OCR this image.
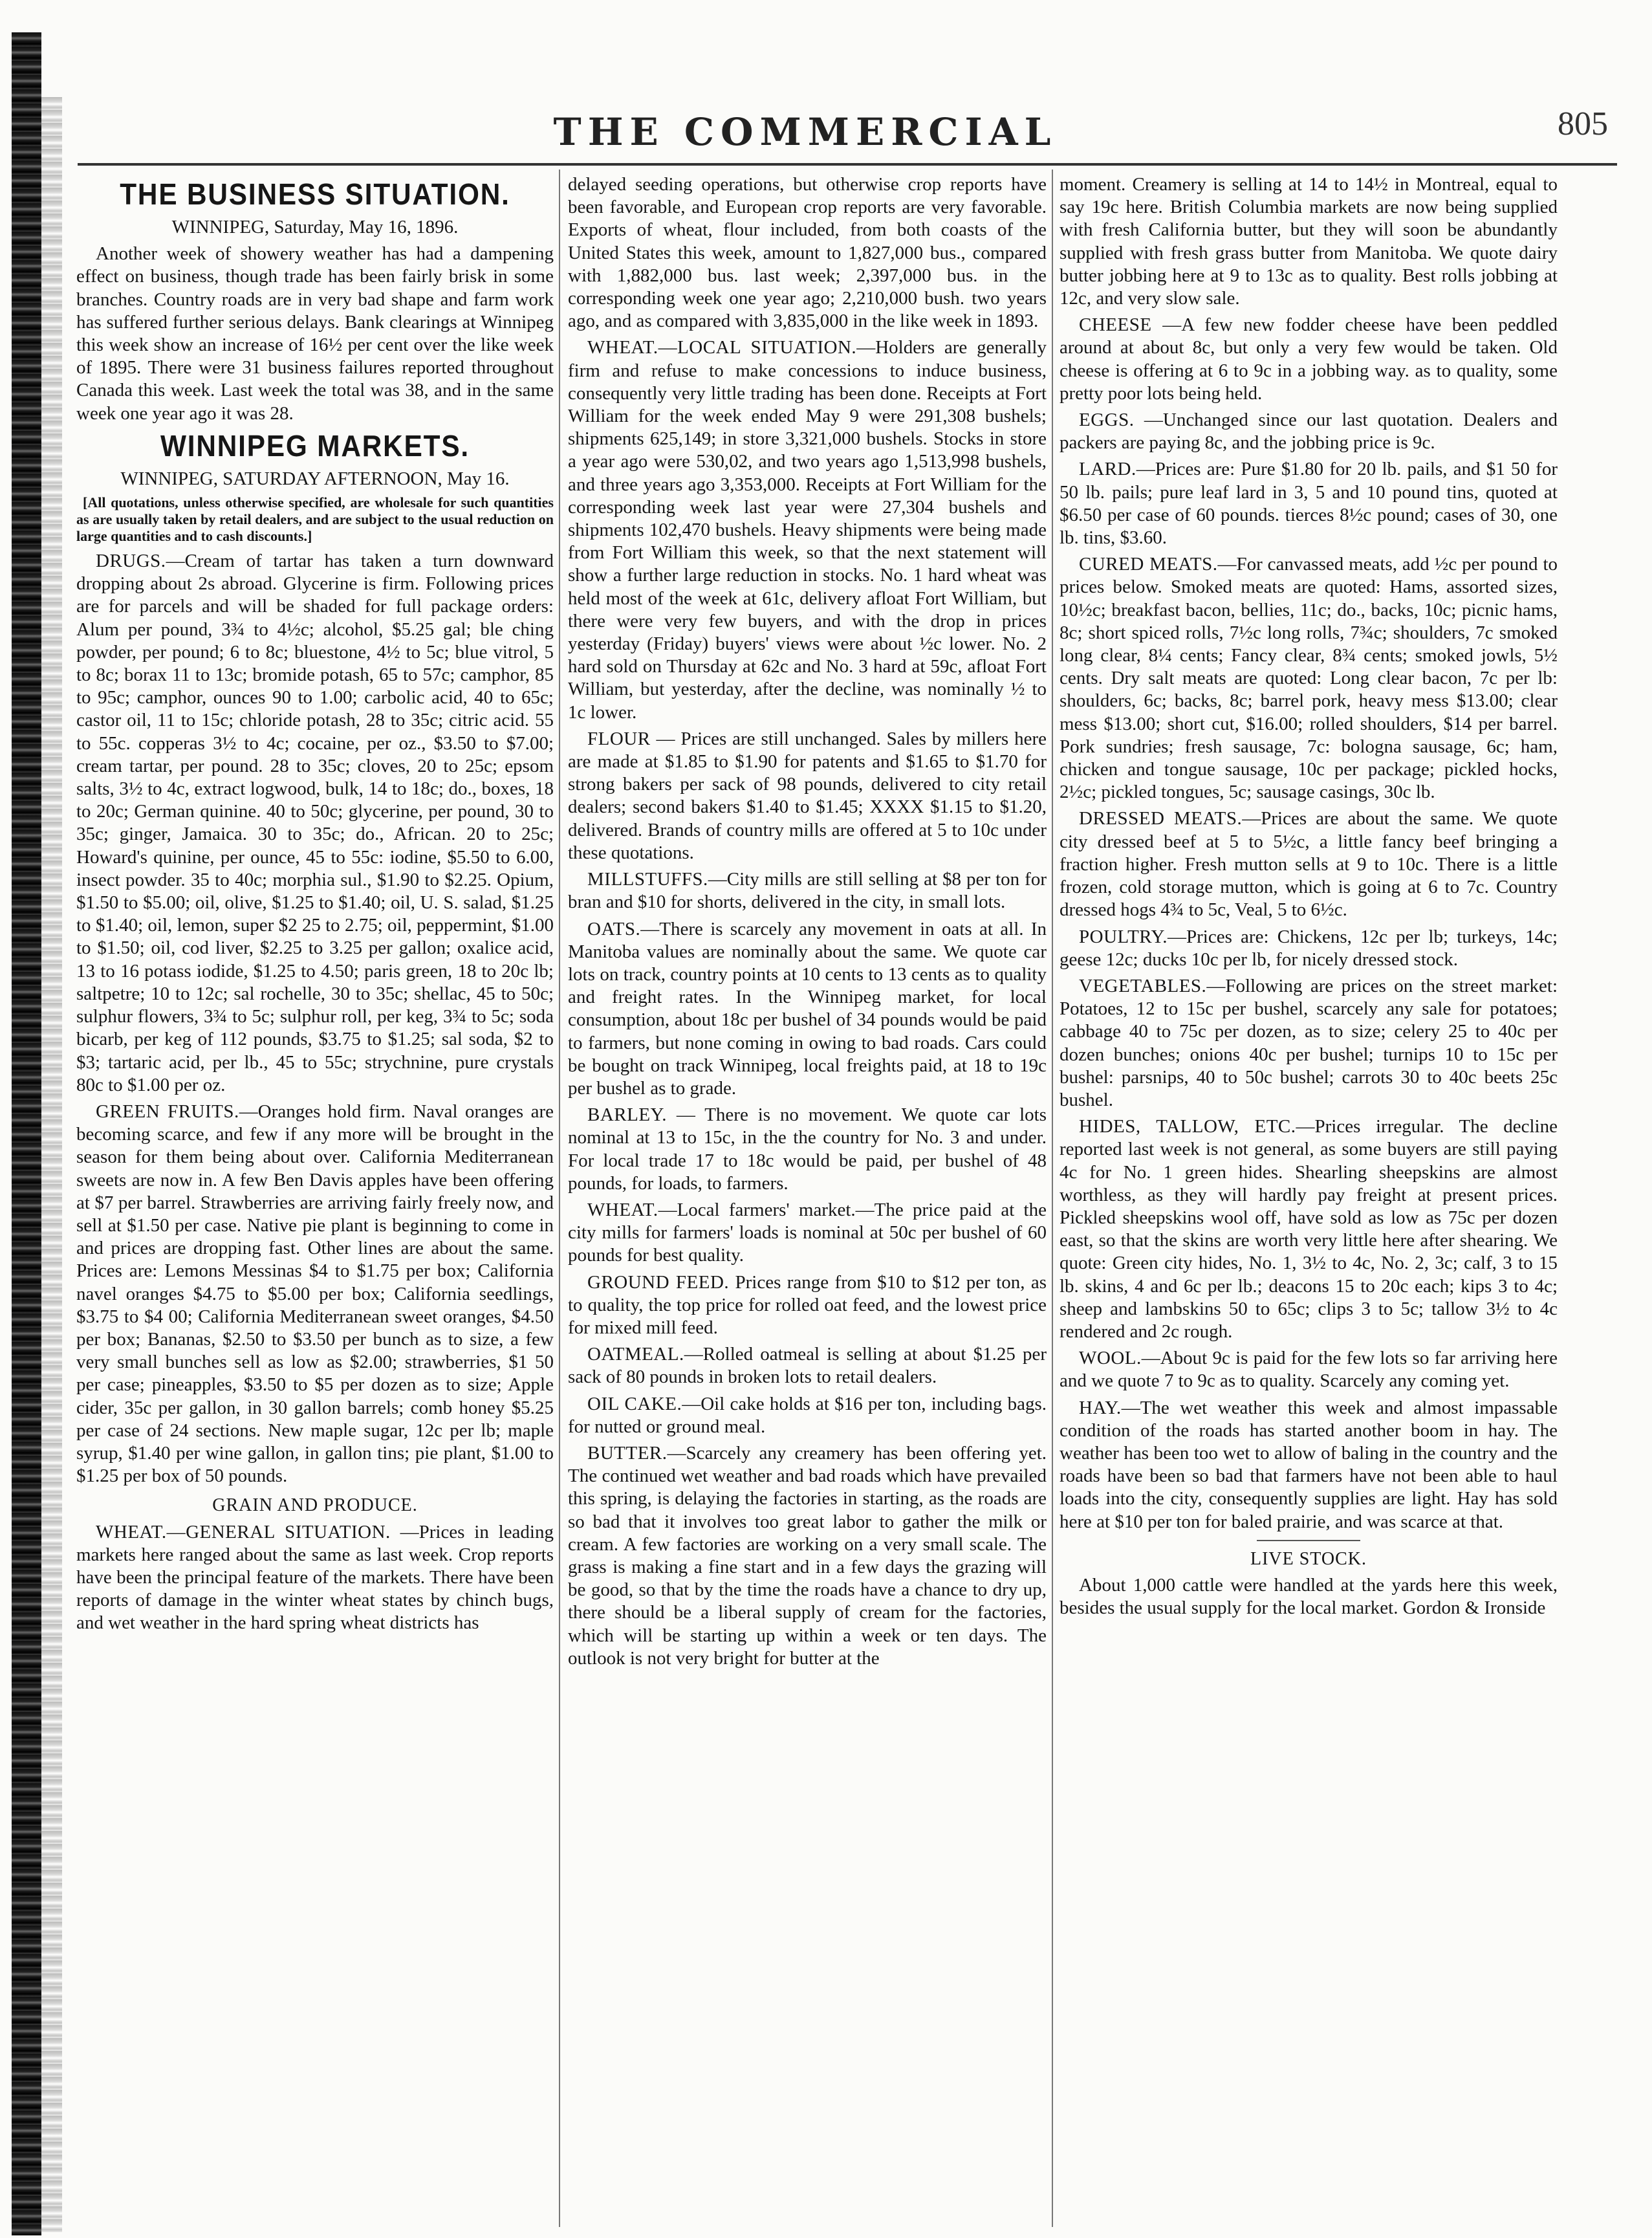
THE COMMERCIAL	805
THE BUSINESS SITUATION.
WINNIPEG, Saturday, May 16, 1896.

Another week of showery weather has had a dampening effect on business, though trade has been fairly brisk in some branches. Country roads are in very bad shape and farm work has suffered further serious delays. Bank clearings at Winnipeg this week show an increase of 16½ per cent over the like week of 1895. There were 31 business failures reported throughout Canada this week. Last week the total was 38, and in the same week one year ago it was 28.

WINNIPEG MARKETS.
WINNIPEG, SATURDAY AFTERNOON, May 16.
[All quotations, unless otherwise specified, are wholesale for such quantities as are usually taken by retail dealers, and are subject to the usual reduction on large quantities and to cash discounts.]

DRUGS.—Cream of tartar has taken a turn downward dropping about 2s abroad. Glycerine is firm. Following prices are for parcels and will be shaded for full package orders: Alum per pound, 3¾ to 4½c; alcohol, $5.25 gal; ble ching powder, per pound; 6 to 8c; bluestone, 4½ to 5c; blue vitrol, 5 to 8c; borax 11 to 13c; bromide potash, 65 to 57c; camphor, 85 to 95c; camphor, ounces 90 to 1.00; carbolic acid, 40 to 65c; castor oil, 11 to 15c; chloride potash, 28 to 35c; citric acid. 55 to 55c. copperas 3½ to 4c; cocaine, per oz., $3.50 to $7.00; cream tartar, per pound. 28 to 35c; cloves, 20 to 25c; epsom salts, 3½ to 4c, extract logwood, bulk, 14 to 18c; do., boxes, 18 to 20c; German quinine. 40 to 50c; glycerine, per pound, 30 to 35c; ginger, Jamaica. 30 to 35c; do., African. 20 to 25c; Howard's quinine, per ounce, 45 to 55c: iodine, $5.50 to 6.00, insect powder. 35 to 40c; morphia sul., $1.90 to $2.25. Opium, $1.50 to $5.00; oil, olive, $1.25 to $1.40; oil, U. S. salad, $1.25 to $1.40; oil, lemon, super $2 25 to 2.75; oil, peppermint, $1.00 to $1.50; oil, cod liver, $2.25 to 3.25 per gallon; oxalice acid, 13 to 16 potass iodide, $1.25 to 4.50; paris green, 18 to 20c lb; saltpetre; 10 to 12c; sal rochelle, 30 to 35c; shellac, 45 to 50c; sulphur flowers, 3¾ to 5c; sulphur roll, per keg, 3¾ to 5c; soda bicarb, per keg of 112 pounds, $3.75 to $1.25; sal soda, $2 to $3; tartaric acid, per lb., 45 to 55c; strychnine, pure crystals 80c to $1.00 per oz.

GREEN FRUITS.—Oranges hold firm. Naval oranges are becoming scarce, and few if any more will be brought in the season for them being about over. California Mediterranean sweets are now in. A few Ben Davis apples have been offering at $7 per barrel. Strawberries are arriving fairly freely now, and sell at $1.50 per case. Native pie plant is beginning to come in and prices are dropping fast. Other lines are about the same. Prices are: Lemons Messinas $4 to $1.75 per box; California navel oranges $4.75 to $5.00 per box; California seedlings, $3.75 to $4 00; California Mediterranean sweet oranges, $4.50 per box; Bananas, $2.50 to $3.50 per bunch as to size, a few very small bunches sell as low as $2.00; strawberries, $1 50 per case; pineapples, $3.50 to $5 per dozen as to size; Apple cider, 35c per gallon, in 30 gallon barrels; comb honey $5.25 per case of 24 sections. New maple sugar, 12c per lb; maple syrup, $1.40 per wine gallon, in gallon tins; pie plant, $1.00 to $1.25 per box of 50 pounds.

GRAIN AND PRODUCE.

WHEAT.—GENERAL SITUATION. —Prices in leading markets here ranged about the same as last week. Crop reports have been the principal feature of the markets. There have been reports of damage in the winter wheat states by chinch bugs, and wet weather in the hard spring wheat districts has

delayed seeding operations, but otherwise crop reports have been favorable, and European crop reports are very favorable. Exports of wheat, flour included, from both coasts of the United States this week, amount to 1,827,000 bus., compared with 1,882,000 bus. last week; 2,397,000 bus. in the corresponding week one year ago; 2,210,000 bush. two years ago, and as compared with 3,835,000 in the like week in 1893.

WHEAT.—LOCAL SITUATION.—Holders are generally firm and refuse to make concessions to induce business, consequently very little trading has been done. Receipts at Fort William for the week ended May 9 were 291,308 bushels; shipments 625,149; in store 3,321,000 bushels. Stocks in store a year ago were 530,02, and two years ago 1,513,998 bushels, and three years ago 3,353,000. Receipts at Fort William for the corresponding week last year were 27,304 bushels and shipments 102,470 bushels. Heavy shipments were being made from Fort William this week, so that the next statement will show a further large reduction in stocks. No. 1 hard wheat was held most of the week at 61c, delivery afloat Fort William, but there were very few buyers, and with the drop in prices yesterday (Friday) buyers' views were about ½c lower. No. 2 hard sold on Thursday at 62c and No. 3 hard at 59c, afloat Fort William, but yesterday, after the decline, was nominally ½ to 1c lower.

FLOUR — Prices are still unchanged. Sales by millers here are made at $1.85 to $1.90 for patents and $1.65 to $1.70 for strong bakers per sack of 98 pounds, delivered to city retail dealers; second bakers $1.40 to $1.45; XXXX $1.15 to $1.20, delivered. Brands of country mills are offered at 5 to 10c under these quotations.

MILLSTUFFS.—City mills are still selling at $8 per ton for bran and $10 for shorts, delivered in the city, in small lots.

OATS.—There is scarcely any movement in oats at all. In Manitoba values are nominally about the same. We quote car lots on track, country points at 10 cents to 13 cents as to quality and freight rates. In the Winnipeg market, for local consumption, about 18c per bushel of 34 pounds would be paid to farmers, but none coming in owing to bad roads. Cars could be bought on track Winnipeg, local freights paid, at 18 to 19c per bushel as to grade.

BARLEY. — There is no movement. We quote car lots nominal at 13 to 15c, in the the country for No. 3 and under. For local trade 17 to 18c would be paid, per bushel of 48 pounds, for loads, to farmers.

WHEAT.—Local farmers' market.—The price paid at the city mills for farmers' loads is nominal at 50c per bushel of 60 pounds for best quality.

GROUND FEED. Prices range from $10 to $12 per ton, as to quality, the top price for rolled oat feed, and the lowest price for mixed mill feed.

OATMEAL.—Rolled oatmeal is selling at about $1.25 per sack of 80 pounds in broken lots to retail dealers.

OIL CAKE.—Oil cake holds at $16 per ton, including bags. for nutted or ground meal.

BUTTER.—Scarcely any creamery has been offering yet. The continued wet weather and bad roads which have prevailed this spring, is delaying the factories in starting, as the roads are so bad that it involves too great labor to gather the milk or cream. A few factories are working on a very small scale. The grass is making a fine start and in a few days the grazing will be good, so that by the time the roads have a chance to dry up, there should be a liberal supply of cream for the factories, which will be starting up within a week or ten days. The outlook is not very bright for butter at the

moment. Creamery is selling at 14 to 14½ in Montreal, equal to say 19c here. British Columbia markets are now being supplied with fresh California butter, but they will soon be abundantly supplied with fresh grass butter from Manitoba. We quote dairy butter jobbing here at 9 to 13c as to quality. Best rolls jobbing at 12c, and very slow sale.

CHEESE —A few new fodder cheese have been peddled around at about 8c, but only a very few would be taken. Old cheese is offering at 6 to 9c in a jobbing way. as to quality, some pretty poor lots being held.

EGGS. —Unchanged since our last quotation. Dealers and packers are paying 8c, and the jobbing price is 9c.

LARD.—Prices are: Pure $1.80 for 20 lb. pails, and $1 50 for 50 lb. pails; pure leaf lard in 3, 5 and 10 pound tins, quoted at $6.50 per case of 60 pounds. tierces 8½c pound; cases of 30, one lb. tins, $3.60.

CURED MEATS.—For canvassed meats, add ½c per pound to prices below. Smoked meats are quoted: Hams, assorted sizes, 10½c; breakfast bacon, bellies, 11c; do., backs, 10c; picnic hams, 8c; short spiced rolls, 7½c long rolls, 7¾c; shoulders, 7c smoked long clear, 8¼ cents; Fancy clear, 8¾ cents; smoked jowls, 5½ cents. Dry salt meats are quoted: Long clear bacon, 7c per lb: shoulders, 6c; backs, 8c; barrel pork, heavy mess $13.00; clear mess $13.00; short cut, $16.00; rolled shoulders, $14 per barrel. Pork sundries; fresh sausage, 7c: bologna sausage, 6c; ham, chicken and tongue sausage, 10c per package; pickled hocks, 2½c; pickled tongues, 5c; sausage casings, 30c lb.

DRESSED MEATS.—Prices are about the same. We quote city dressed beef at 5 to 5½c, a little fancy beef bringing a fraction higher. Fresh mutton sells at 9 to 10c. There is a little frozen, cold storage mutton, which is going at 6 to 7c. Country dressed hogs 4¾ to 5c, Veal, 5 to 6½c.

POULTRY.—Prices are: Chickens, 12c per lb; turkeys, 14c; geese 12c; ducks 10c per lb, for nicely dressed stock.

VEGETABLES.—Following are prices on the street market: Potatoes, 12 to 15c per bushel, scarcely any sale for potatoes; cabbage 40 to 75c per dozen, as to size; celery 25 to 40c per dozen bunches; onions 40c per bushel; turnips 10 to 15c per bushel: parsnips, 40 to 50c bushel; carrots 30 to 40c beets 25c bushel.

HIDES, TALLOW, ETC.—Prices irregular. The decline reported last week is not general, as some buyers are still paying 4c for No. 1 green hides. Shearling sheepskins are almost worthless, as they will hardly pay freight at present prices. Pickled sheepskins wool off, have sold as low as 75c per dozen east, so that the skins are worth very little here after shearing. We quote: Green city hides, No. 1, 3½ to 4c, No. 2, 3c; calf, 3 to 15 lb. skins, 4 and 6c per lb.; deacons 15 to 20c each; kips 3 to 4c; sheep and lambskins 50 to 65c; clips 3 to 5c; tallow 3½ to 4c rendered and 2c rough.

WOOL.—About 9c is paid for the few lots so far arriving here and we quote 7 to 9c as to quality. Scarcely any coming yet.

HAY.—The wet weather this week and almost impassable condition of the roads has started another boom in hay. The weather has been too wet to allow of baling in the country and the roads have been so bad that farmers have not been able to haul loads into the city, consequently supplies are light. Hay has sold here at $10 per ton for baled prairie, and was scarce at that.

LIVE STOCK.

About 1,000 cattle were handled at the yards here this week, besides the usual supply for the local market. Gordon & Ironside
